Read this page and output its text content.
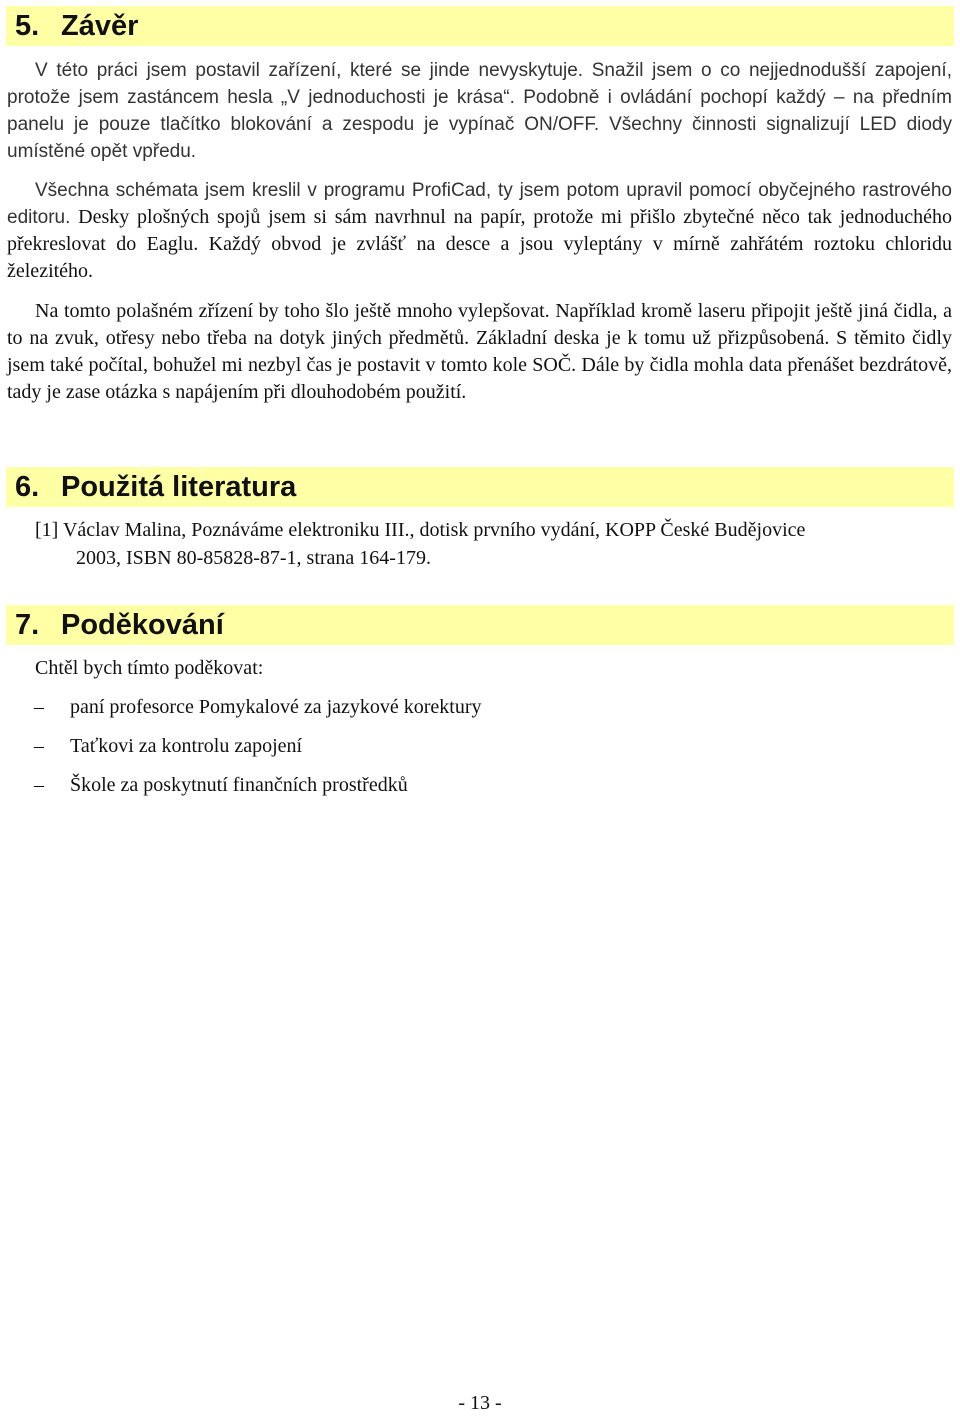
5. Závěr

V této práci jsem postavil zařízení, které se jinde nevyskytuje. Snažil jsem o co nejjednodušší zapojení, protože jsem zastáncem hesla „V jednoduchosti je krása“. Podobně i ovládání pochopí každý – na předním panelu je pouze tlačítko blokování a zespodu je vypínač ON/OFF. Všechny činnosti signalizují LED diody umístěné opět vpředu.

Všechna schémata jsem kreslil v programu ProfiCad, ty jsem potom upravil pomocí obyčejného rastrového editoru. Desky plošných spojů jsem si sám navrhnul na papír, protože mi přišlo zbytečné něco tak jednoduchého překreslovat do Eaglu. Každý obvod je zvlášť na desce a jsou vyleptány v mírně zahřátém roztoku chloridu železitého.

Na tomto polašném zřízení by toho šlo ještě mnoho vylepšovat. Například kromě laseru připojit ještě jiná čidla, a to na zvuk, otřesy nebo třeba na dotyk jiných předmětů. Základní deska je k tomu už přizpůsobená. S těmito čidly jsem také počítal, bohužel mi nezbyl čas je postavit v tomto kole SOČ. Dále by čidla mohla data přenášet bezdrátově, tady je zase otázka s napájením při dlouhodobém použití.

6. Použitá literatura
[1] Václav Malina, Poznáváme elektroniku III., dotisk prvního vydání, KOPP České Budějovice
2003, ISBN 80-85828-87-1, strana 164-179.
7. Poděkování
Chtěl bych tímto poděkovat:
– paní profesorce Pomykalové za jazykové korektury
– Taťkovi za kontrolu zapojení
– Škole za poskytnutí finančních prostředků
- 13 -
